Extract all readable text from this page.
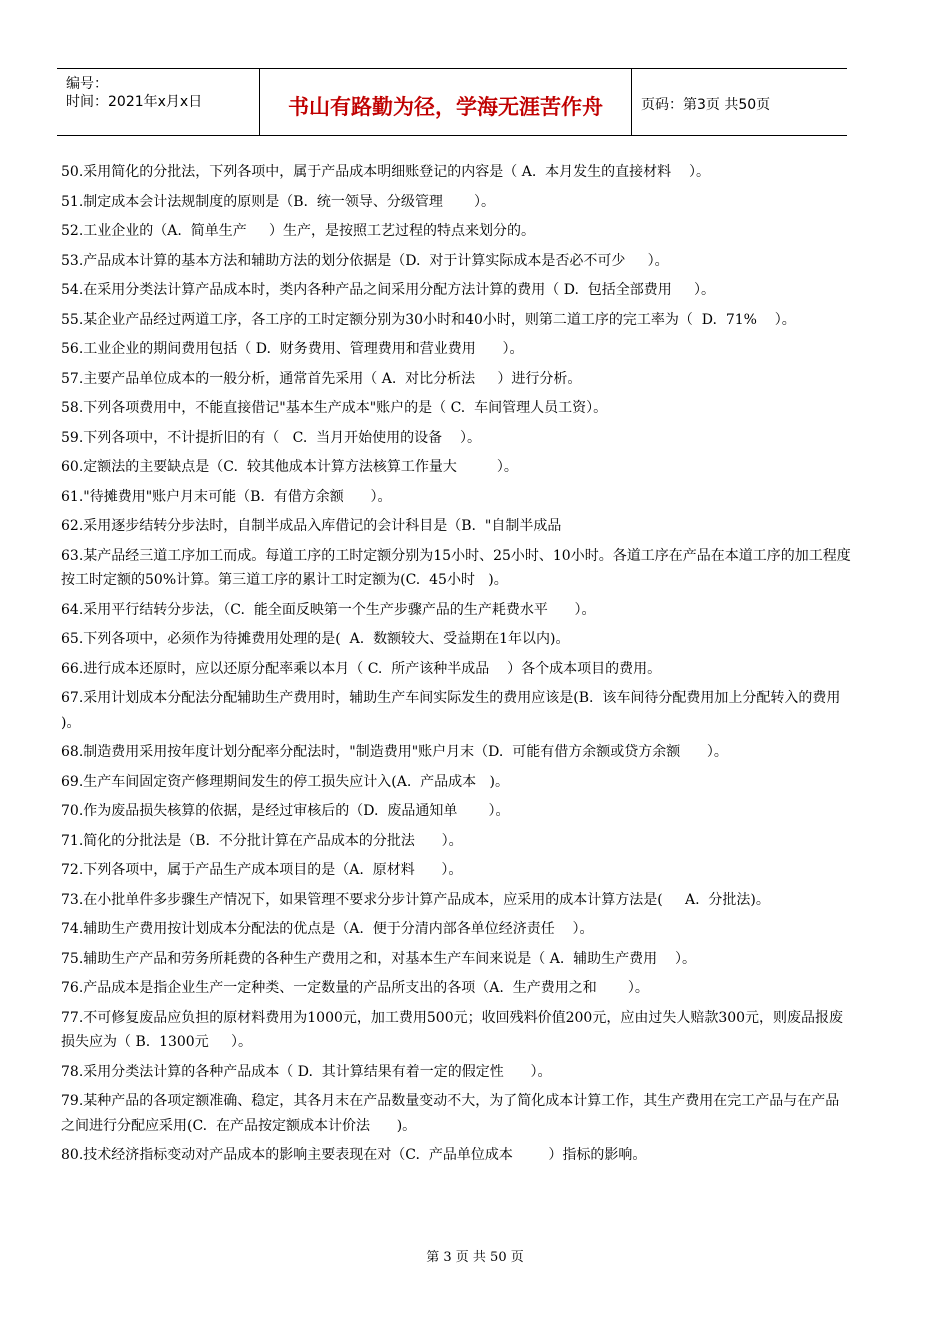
编号：
时间：2021年x月x日	书山有路勤为径，学海无涯苦作舟	页码：第3页 共50页

50.采用简化的分批法，下列各项中，属于产品成本明细账登记的内容是（ A.  本月发生的直接材料    ）。

51.制定成本会计法规制度的原则是（B.  统一领导、分级管理       ）。

52.工业企业的（A.  简单生产     ）生产，是按照工艺过程的特点来划分的。

53.产品成本计算的基本方法和辅助方法的划分依据是（D.  对于计算实际成本是否必不可少     ）。

54.在采用分类法计算产品成本时，类内各种产品之间采用分配方法计算的费用（ D.  包括全部费用     ）。

55.某企业产品经过两道工序，各工序的工时定额分别为30小时和40小时，则第二道工序的完工率为（  D.  71%    ）。

56.工业企业的期间费用包括（ D.  财务费用、管理费用和营业费用      ）。

57.主要产品单位成本的一般分析，通常首先采用（ A.  对比分析法     ）进行分析。

58.下列各项费用中，不能直接借记"基本生产成本"账户的是（ C.  车间管理人员工资）。

59.下列各项中，不计提折旧的有（   C.  当月开始使用的设备    ）。

60.定额法的主要缺点是（C.  较其他成本计算方法核算工作量大         ）。

61."待摊费用"账户月末可能（B.  有借方余额      ）。

62.采用逐步结转分步法时，自制半成品入库借记的会计科目是（B.  "自制半成品

63.某产品经三道工序加工而成。每道工序的工时定额分别为15小时、25小时、10小时。各道工序在产品在本道工序的加工程度按工时定额的50%计算。第三道工序的累计工时定额为(C.  45小时   )。

64.采用平行结转分步法，（C.  能全面反映第一个生产步骤产品的生产耗费水平      ）。

65.下列各项中，必须作为待摊费用处理的是(  A.  数额较大、受益期在1年以内)。

66.进行成本还原时，应以还原分配率乘以本月（ C.  所产该种半成品    ）各个成本项目的费用。

67.采用计划成本分配法分配辅助生产费用时，辅助生产车间实际发生的费用应该是(B.  该车间待分配费用加上分配转入的费用       )。

68.制造费用采用按年度计划分配率分配法时，"制造费用"账户月末（D.  可能有借方余额或贷方余额      ）。

69.生产车间固定资产修理期间发生的停工损失应计入(A.  产品成本   )。

70.作为废品损失核算的依据，是经过审核后的（D.  废品通知单       ）。

71.简化的分批法是（B.  不分批计算在产品成本的分批法      ）。

72.下列各项中，属于产品生产成本项目的是（A.  原材料      ）。

73.在小批单件多步骤生产情况下，如果管理不要求分步计算产品成本，应采用的成本计算方法是(     A.  分批法)。

74.辅助生产费用按计划成本分配法的优点是（A.  便于分清内部各单位经济责任    ）。

75.辅助生产产品和劳务所耗费的各种生产费用之和，对基本生产车间来说是（ A.  辅助生产费用    ）。

76.产品成本是指企业生产一定种类、一定数量的产品所支出的各项（A.  生产费用之和       ）。

77.不可修复废品应负担的原材料费用为1000元，加工费用500元；收回残料价值200元，应由过失人赔款300元，则废品报废损失应为（ B.  1300元     ）。

78.采用分类法计算的各种产品成本（ D.  其计算结果有着一定的假定性      ）。

79.某种产品的各项定额准确、稳定，其各月末在产品数量变动不大，为了简化成本计算工作，其生产费用在完工产品与在产品之间进行分配应采用(C.  在产品按定额成本计价法      )。

80.技术经济指标变动对产品成本的影响主要表现在对（C.  产品单位成本        ）指标的影响。

第 3 页 共 50 页
